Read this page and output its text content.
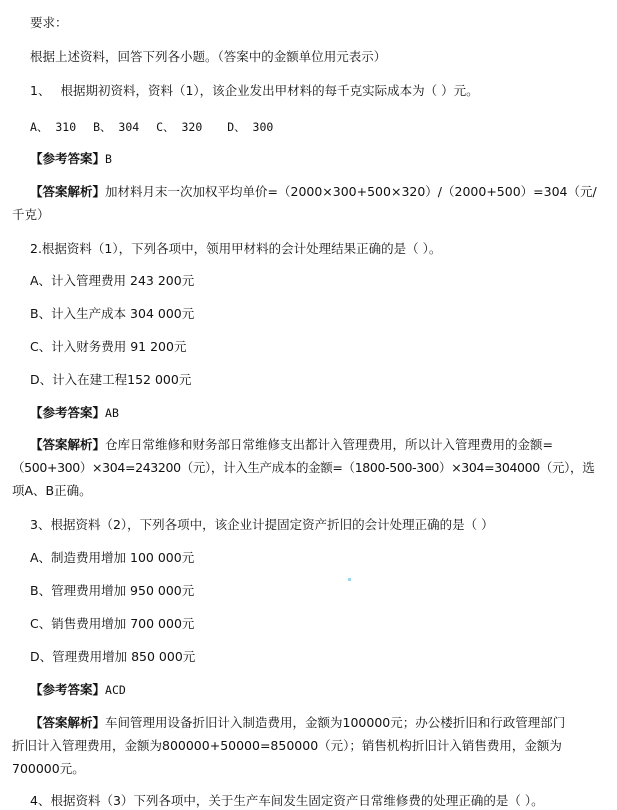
要求：
根据上述资料，回答下列各小题。（答案中的金额单位用元表示）
1、 根据期初资料，资料（1），该企业发出甲材料的每千克实际成本为（ ）元。
A、 310 B、 304 C、 320 D、 300
【参考答案】B
【答案解析】加材料月末一次加权平均单价=（2000×300+500×320）/（2000+500）=304（元/
千克）
2.根据资料（1），下列各项中，领用甲材料的会计处理结果正确的是（ ）。
A、计入管理费用 243 200元
B、计入生产成本 304 000元
C、计入财务费用 91 200元
D、计入在建工程152 000元
【参考答案】AB
【答案解析】仓库日常维修和财务部日常维修支出都计入管理费用，所以计入管理费用的金额=
（500+300）×304=243200（元），计入生产成本的金额=（1800-500-300）×304=304000（元），选
项A、B正确。
3、根据资料（2），下列各项中，该企业计提固定资产折旧的会计处理正确的是（ ）
A、制造费用增加 100 000元
B、管理费用增加 950 000元
C、销售费用增加 700 000元
D、管理费用增加 850 000元
【参考答案】ACD
【答案解析】车间管理用设备折旧计入制造费用，金额为100000元；办公楼折旧和行政管理部门
折旧计入管理费用，金额为800000+50000=850000（元）；销售机构折旧计入销售费用，金额为
700000元。
4、根据资料（3）下列各项中，关于生产车间发生固定资产日常维修费的处理正确的是（ ）。
